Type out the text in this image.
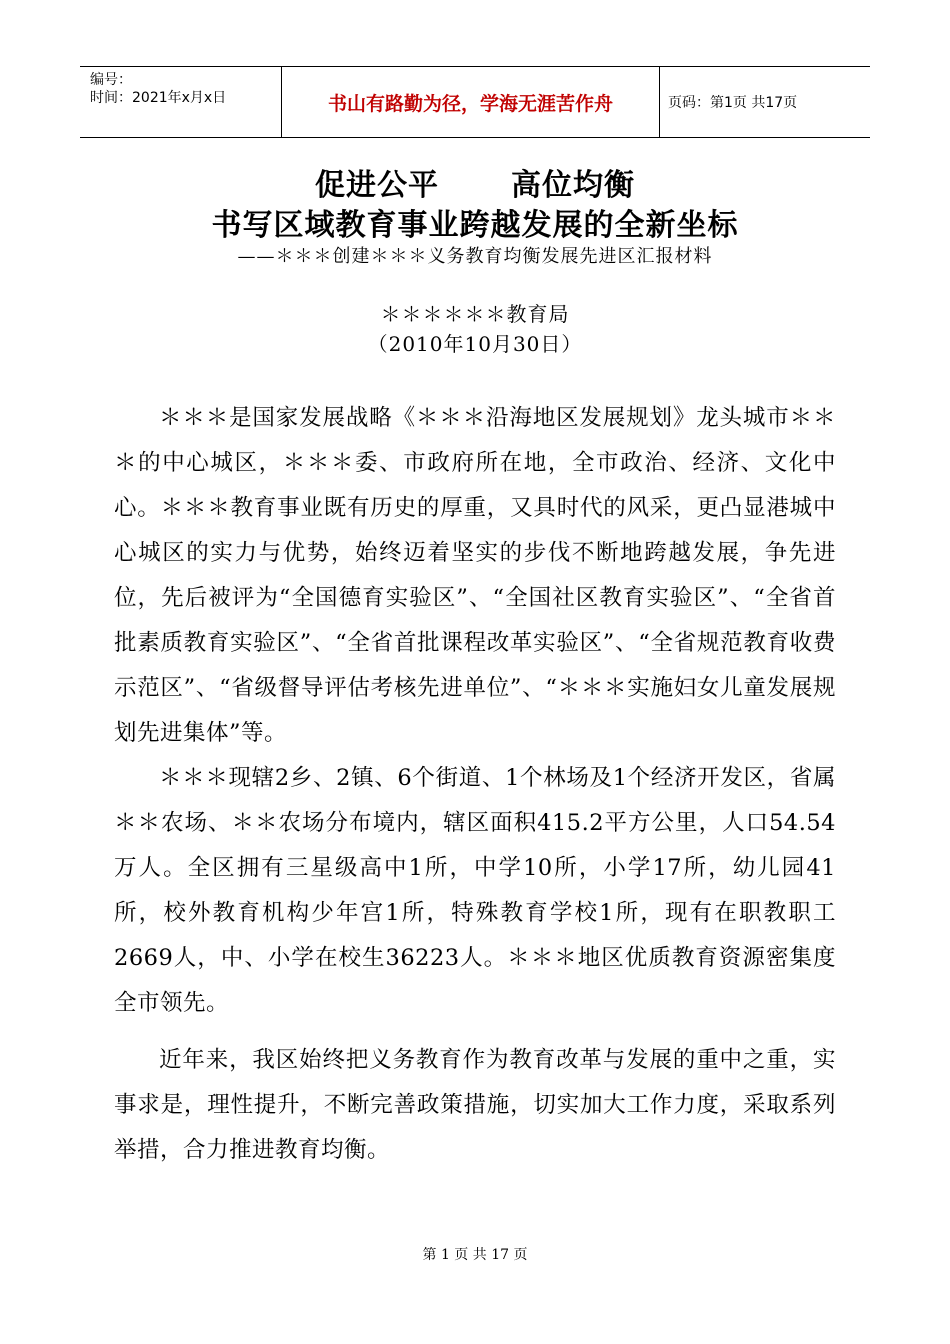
编号：
时间：2021年x月x日	书山有路勤为径，学海无涯苦作舟	页码：第1页 共17页
促进公平 高位均衡
书写区域教育事业跨越发展的全新坐标
——＊＊＊创建＊＊＊义务教育均衡发展先进区汇报材料
＊＊＊＊＊＊教育局
（2010年10月30日）

＊＊＊是国家发展战略《＊＊＊沿海地区发展规划》龙头城市＊＊＊的中心城区，＊＊＊委、市政府所在地，全市政治、经济、文化中心。＊＊＊教育事业既有历史的厚重，又具时代的风采，更凸显港城中心城区的实力与优势，始终迈着坚实的步伐不断地跨越发展，争先进位，先后被评为“全国德育实验区”、“全国社区教育实验区”、“全省首批素质教育实验区”、“全省首批课程改革实验区”、“全省规范教育收费示范区”、“省级督导评估考核先进单位”、“＊＊＊实施妇女儿童发展规划先进集体”等。

＊＊＊现辖2乡、2镇、6个街道、1个林场及1个经济开发区，省属＊＊农场、＊＊农场分布境内，辖区面积415.2平方公里，人口54.54万人。全区拥有三星级高中1所，中学10所，小学17所，幼儿园41所，校外教育机构少年宫1所，特殊教育学校1所，现有在职教职工2669人，中、小学在校生36223人。＊＊＊地区优质教育资源密集度全市领先。

近年来，我区始终把义务教育作为教育改革与发展的重中之重，实事求是，理性提升，不断完善政策措施，切实加大工作力度，采取系列举措，合力推进教育均衡。

第 1 页 共 17 页
